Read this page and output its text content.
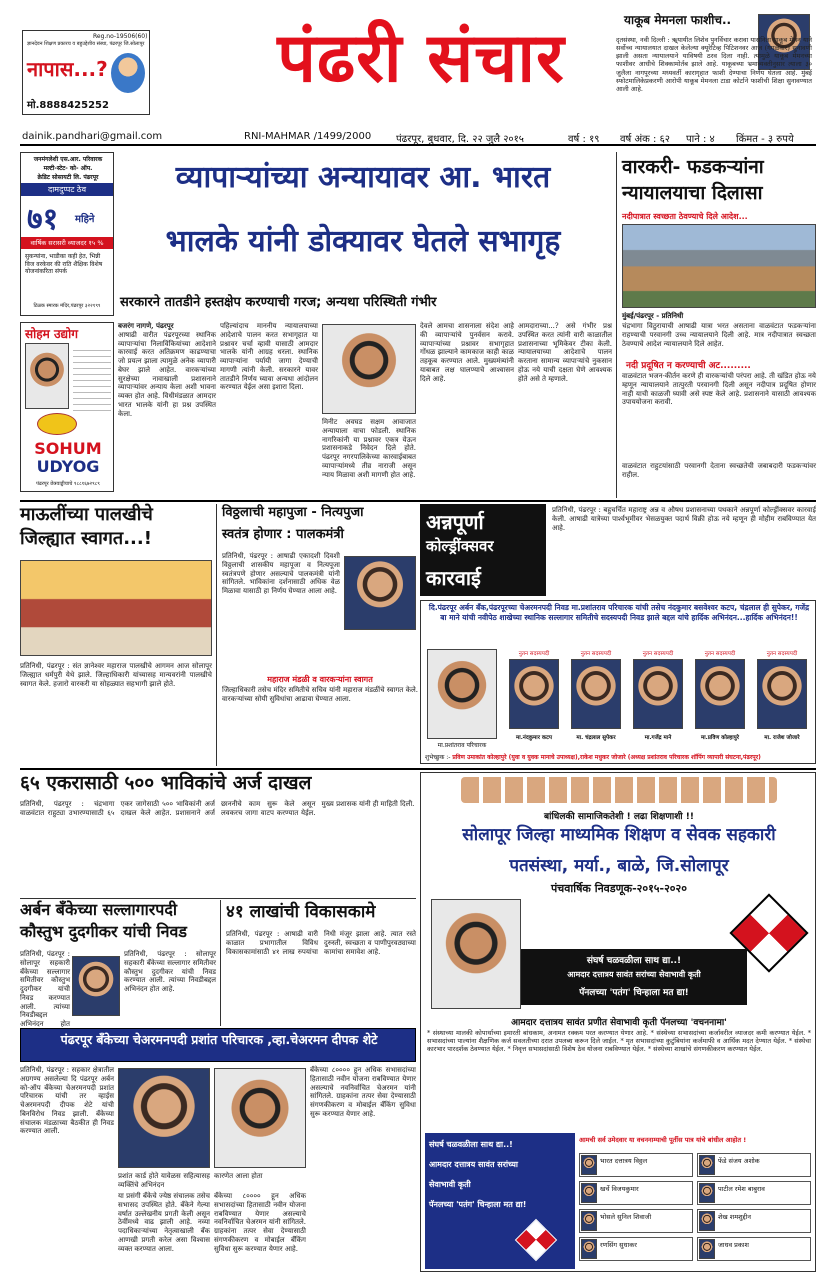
Reg.no-19506(60)
ज्ञानदेवन शिक्षण प्रकारच व बहुउद्देशीय संस्था, पंढरपूर जि.सोलापूर
नापास...?
मो.8888425252
पंढरी संचार	याकूब मेमनला फाशीच..
दृतसंस्था, नवी दिल्ली : ॠ्यायीत लिशेव पुनर्विचार करावा यासंनिता याकूब मेमन याने सर्वोच्च न्यायालयात दाखल केलेल्या क्यूरेटिव्ह पिटिशनवर आज (गंगळवार) सुनावणी झाली असता न्यायालयाने याविषयी ठरव दिला नाही. त्यामुळे याकूब मेमनच्या फाशीवर आधीचे शिक्कामोर्तब झाले आहे. याकूबच्या भ्रमाव्यक्तीनुसार त्याला ३० जुलैला नागपूरच्या मध्यवर्ती कारागृहात फाशी देण्याचा निर्णय घेतला आहे. मुंबई स्फोटमालिकेप्रकरणी आरोपी याकूब मेमनला टाडा कोर्टाने फाशीची शिक्षा सुनावण्यात आली आहे.
dainik.pandhari@gmail.com	RNI-MAHMAR /1499/2000 पंढरपूर, बुधवार, दि. २२ जुलै २०१५	वर्ष : १९ वर्ष अंक : ६२ पाने : ४ किंमत - ३ रुपये
जनमंगलेशी एस.आर. परिवारक
मल्टी-स्टेट- को- ऑप.
क्रेडिट सोसायटी लि. पंढरपूर
दामदुप्पट ठेव
७१ महिने
वार्षिक सरासरी व्याजदर १५ %
सुकन्यांना, भाडीका कही हेत, भिन्नी विज वरकेवर की राति शैक्षिक विशेष योजनांकरिता संपर्क
टिळक स्मारक मंदिर,पंढरपूर ३२२१९९
सोहम उद्योग
SOHUM
UDYOG
पंढरपूर छेत्रवाड्डीचाचे ९८८१६७२९८९
व्यापाऱ्यांच्या अन्यायावर आ. भारत
भालके यांनी डोक्यावर घेतले सभागृह
सरकारने तातडीने हस्तक्षेप करण्याची गरज; अन्यथा परिस्थिती गंभीर
बजरंग नागणे, पंढरपूर
आषाढी वारीत पंढरपूरच्या स्थानिक व्यापाऱ्यांचा निलाविंकियांच्या आदेशाने कारवाई करत अतिक्रमण काढण्याचा जो प्रयत्न झाला त्यामुळे अनेक व्यापारी बेघर झाले आहेत. वारकऱ्यांच्या सुरक्षेच्या नावाखाली प्रशासनाने व्यापाऱ्यांवर अन्याय केला अशी भावना व्यक्त होत आहे. विधीमंडळात आमदार भारत भालके यांनी हा प्रश्न उपस्थित केला.
पहिल्यांदाच माननीय न्यायालयाच्या आदेशाचे पालन करत सभागृहात या प्रश्नावर चर्चा व्हावी यासाठी आमदार भालके यांनी आग्रह धरला. स्थानिक व्यापाऱ्यांना पर्यायी जागा देण्याची मागणी त्यांनी केली. सरकारने यावर तातडीने निर्णय घ्यावा अन्यथा आंदोलन करण्यात येईल असा इशारा दिला.
मिनीट अवघड सक्षम आवाजात अन्यायाला वाचा फोडली. स्थानिक नागरिकांनी या प्रश्नावर एकत्र येऊन प्रशासनाकडे निवेदन दिले होते. पंढरपूर नगरपालिकेच्या कारवाईबाबत व्यापाऱ्यांमध्ये तीव्र नाराजी असून न्याय मिळावा अशी मागणी होत आहे.
देवले आमचा शासनाला संदेश आहे की व्यापाऱ्यांचे पुनर्वसन करावे. व्यापाऱ्यांच्या प्रश्नावर सभागृहात गोंधळ झाल्याने कामकाज काही काळ तहकूब करण्यात आले. मुख्यमंत्र्यांनी याबाबत लक्ष घालण्याचे आश्वासन दिले आहे.
आमदाराच्या...? असे गंभीर प्रश्न उपस्थित करत त्यांनी वारी काळातील प्रशासनाच्या भूमिकेवर टीका केली. न्यायालयाच्या आदेशाचे पालन करताना सामान्य व्यापाऱ्यांचे नुकसान होऊ नये याची दक्षता घेणे आवश्यक होते असे ते म्हणाले.
वारकरी- फडकऱ्यांना
न्यायालयाचा दिलासा
नदीपात्रात स्वच्छता ठेवण्याचे दिले आदेश...
मुंबई/पंढरपूर - प्रतिनिधी
चंद्रभागा विठुरायाची आषाढी यात्रा भरत असताना वाळवंटात फडकऱ्यांना राहण्याची परवानगी उच्च न्यायालयाने दिली आहे. मात्र नदीपात्रात स्वच्छता ठेवण्याचे आदेश न्यायालयाने दिले आहेत.
नदी प्रदूषित न करण्याची अट.........
वाळवंटात भजन-कीर्तन करणे ही वारकऱ्यांची परंपरा आहे. ती खंडित होऊ नये म्हणून न्यायालयाने तात्पुरती परवानगी दिली असून नदीपात्र प्रदूषित होणार नाही याची काळजी घ्यावी असे स्पष्ट केले आहे. प्रशासनाने यासाठी आवश्यक उपाययोजना करावी.
वाळवंटात राहुटयांसाठी परवानगी देताना स्वच्छतेची जबाबदारी फडकऱ्यांवर राहील.
माऊलींच्या पालखीचे
जिल्ह्यात स्वागत...!
प्रतिनिधी, पंढरपूर : संत ज्ञानेश्वर महाराज पालखीचे आगमन आज सोलापूर जिल्ह्यात धर्मपुरी येथे झाले. जिल्हाधिकारी यांच्यासह मान्यवरांनी पालखीचे स्वागत केले. हजारो वारकरी या सोहळ्यात सहभागी झाले होते.
विठ्ठलाची महापुजा - नित्यपुजा
स्वतंत्र होणार : पालकमंत्री
प्रतिनिधी, पंढरपूर : आषाढी एकादशी दिवशी विठ्ठलाची शासकीय महापूजा व नित्यपूजा स्वतंत्रपणे होणार असल्याचे पालकमंत्री यांनी सांगितले. भाविकांना दर्शनासाठी अधिक वेळ मिळावा यासाठी हा निर्णय घेण्यात आला आहे.
महाराज मंडळी व वारकऱ्यांना स्वागत
जिल्हाधिकारी तसेच मंदिर समितीचे सचिव यांनी महाराज मंडळींचे स्वागत केले. वारकऱ्यांच्या सोयी सुविधांचा आढावा घेण्यात आला.
अन्नपूर्णा
कोल्ड्रींक्सवर
कारवाई
प्रतिनिधी, पंढरपूर : बहुचर्चित महाराष्ट्र अन्न व औषध प्रशासनाच्या पथकाने अन्नपूर्णा कोल्ड्रींक्सवर कारवाई केली. आषाढी यात्रेच्या पार्श्वभूमीवर भेसळयुक्त पदार्थ विक्री होऊ नये म्हणून ही मोहीम राबविण्यात येत आहे.
दि.पंढरपूर अर्बन बँक,पंढरपूरच्या चेअरमनपदी निवड मा.प्रशांतराव परिचारक यांची तसेच नंदकुमार बसवेश्वर कटप, चंद्रलाल ही सुपेकर, गजेंद्र बा माने यांची नवीपेठ शाखेच्या स्थानिक सल्लागार समितीचे सदस्यपदी निवड झाले बद्दल यांचे हार्दिक अभिनंदन...हार्दिक अभिनंदन!!
मा.प्रशांतराव परिचारक
नुतन सदस्यपदी
मा.नंदकुमार कटप
नुतन सदस्यपदी
मा. चंद्रलाल सुपेकर
नुतन सदस्यपदी
मा.गजेंद्र माने
नुतन सदस्यपदी
मा.प्रविण कोल्हापुरे
नुतन सदस्यपदी
मा. राजेश जोजारे
शुभेच्छुक :- प्रविण उमाकांत कोल्हापुरे (युवा व युवक मानाचे उपाध्यक्ष),राकेश मधुकर जोजारे (अध्यक्ष प्रशांतराव परिचारक शॉपिंग व्यापारी संघटना,पंढरपूर)
६५ एकरासाठी ५०० भाविकांचे अर्ज दाखल
प्रतिनिधी, पंढरपूर : चंद्रभागा वाळवंटात राहुट्या उभारण्यासाठी ६५ एकर जागेसाठी ५०० भाविकांनी अर्ज दाखल केले आहेत. प्रशासनाने अर्ज छाननीचे काम सुरू केले असून लवकरच जागा वाटप करण्यात येईल. मुख्य प्रशासक यांनी ही माहिती दिली.
अर्बन बँकेच्या सल्लागारपदी
कौस्तुभ दुदगीकर यांची निवड
प्रतिनिधी, पंढरपूर : सोलापूर सहकारी बँकेच्या सल्लागार समितीवर कौस्तुभ दुदगीकर यांची निवड करण्यात आली. त्यांच्या निवडीबद्दल अभिनंदन होत
प्रतिनिधी, पंढरपूर : सोलापूर सहकारी बँकेच्या सल्लागार समितीवर कौस्तुभ दुदगीकर यांची निवड करण्यात आली. त्यांच्या निवडीबद्दल अभिनंदन होत आहे.
४१ लाखांची विकासकामे
प्रतिनिधी, पंढरपूर : आषाढी वारी काळात प्रभागातील विविध विकासकामांसाठी ४१ लाख रुपयांचा निधी मंजूर झाला आहे. त्यात रस्ते दुरुस्ती, स्वच्छता व पाणीपुरवठ्याच्या कामांचा समावेश आहे.
पंढरपूर बँकेच्या चेअरमनपदी प्रशांत परिचारक ,व्हा.चेअरमन दीपक शेटे
प्रतिनिधी, पंढरपूर : सहकार क्षेत्रातील अग्रगण्य असलेल्या दि पंढरपूर अर्बन को-ऑप बँकेच्या चेअरमनपदी प्रशांत परिचारक यांची तर व्हाईस चेअरमनपदी दीपक शेटे यांची बिनविरोध निवड झाली. बँकेच्या संचालक मंडळाच्या बैठकीत ही निवड करण्यात आली.
प्रशांत कार्ड होते यावेळस सहित्यासह व्यक्तिंचे अभिनंदन
या प्रसंगी बँकेचे ज्येष्ठ संचालक तसेच सभासद उपस्थित होते. बँकेने गेल्या वर्षात उल्लेखनीय प्रगती केली असून ठेवींमध्ये वाढ झाली आहे. नव्या पदाधिकाऱ्यांच्या नेतृत्वाखाली बँक आणखी प्रगती करेल असा विश्वास व्यक्त करण्यात आला.
कारणेत आला होता
बँकेच्या ८०००० हून अधिक सभासदांच्या हितासाठी नवीन योजना राबविण्यात येणार असल्याचे नवनिर्वाचित चेअरमन यांनी सांगितले. ग्राहकांना तत्पर सेवा देण्यासाठी संगणकीकरण व मोबाईल बँकिंग सुविधा सुरू करण्यात येणार आहे.
बँकेच्या ८०००० हून अधिक सभासदांच्या हितासाठी नवीन योजना राबविण्यात येणार असल्याचे नवनिर्वाचित चेअरमन यांनी सांगितले. ग्राहकांना तत्पर सेवा देण्यासाठी संगणकीकरण व मोबाईल बँकिंग सुविधा सुरू करण्यात येणार आहे.
बांधिलकी सामाजिकतेशी ! लढा शिक्षणाशी !!
सोलापूर जिल्हा माध्यमिक शिक्षण व सेवक सहकारी
पतसंस्था, मर्या., बाळे, जि.सोलापूर
पंचवार्षिक निवडणूक-२०१५-२०२०
संघर्ष चळवळीला साथ द्या..!
आमदार दत्तात्रय सावंत सरांच्या सेवाभावी कृती
पॅनलच्या 'पतंग' चिन्हाला मत द्या!
आमदार दत्तात्रय सावंत प्रणीत सेवाभावी कृती पॅनलच्या 'वचननामा'
* संस्थाच्या मालकी कोपार्थाच्या इमारती बांधकाम, अनामत रक्कम परत करण्यात येणार आहे. * संस्थेच्या सभासदांच्या कर्जावरील व्याजदर कमी करण्यात येईल. * सभासदांच्या पाल्यांना शैक्षणिक कर्ज सवलतीच्या दरात उपलब्ध करून दिले जाईल. * मृत सभासदांच्या कुटुंबियांना कर्जमाफी व आर्थिक मदत देण्यात येईल. * संस्थेचा कारभार पारदर्शक ठेवण्यात येईल. * निवृत्त सभासदांसाठी विशेष ठेव योजना राबविण्यात येईल. * संस्थेच्या शाखांचे संगणकीकरण करण्यात येईल.
संघर्ष चळवळीला साथ द्या..!
आमदार दत्तात्रय सावंत सरांच्या
सेवाभावी कृती
पॅनलच्या 'पतंग' चिन्हाला मत द्या!
आमची सर्व उमेदवार या वचननाम्याची पूर्तीस पात्र यांचे बांधील आहोत !
भारत दत्तात्रय विठ्ठल	फेंडे संजय अशोक
खर्चे विजयकुमार	पाटील रमेश बाबुराव
भोसले सुनिल शिवाजी	शेख शमशुद्दीन
रणसिंग सुधाकर	जाधव प्रकाश
